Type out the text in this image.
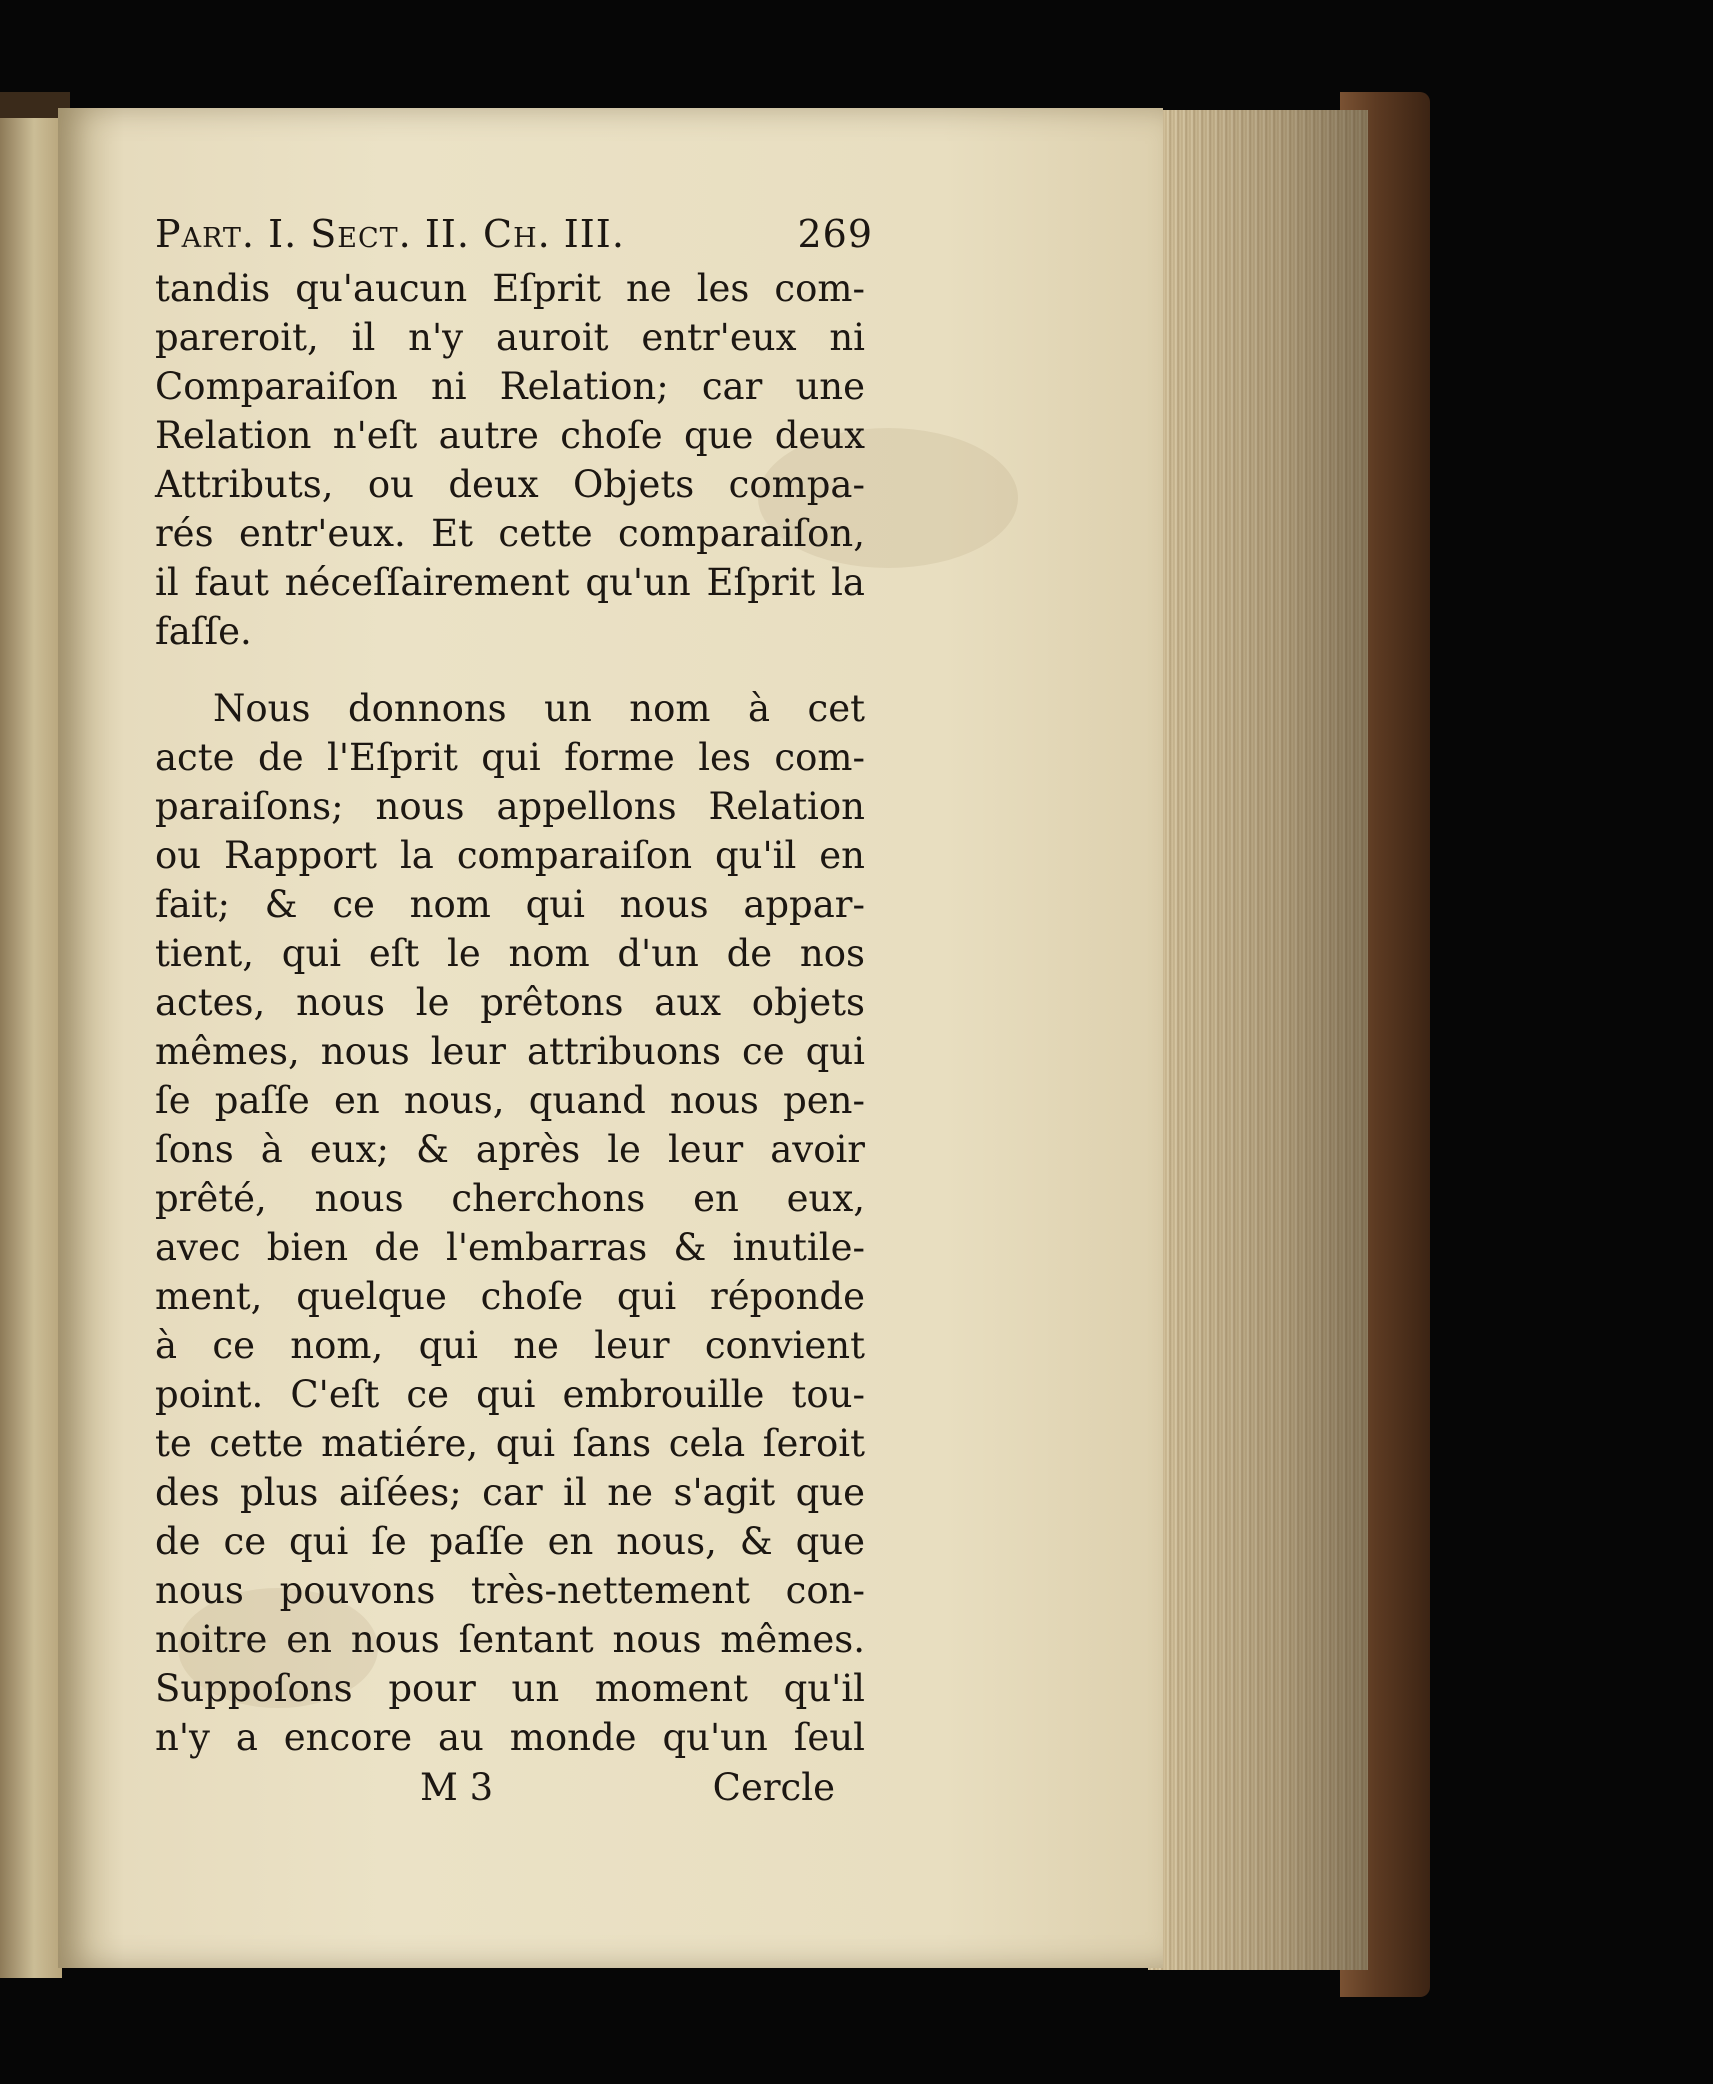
Part. I. Sect. II. Ch. III.	269
tandis qu'aucun Eſprit ne les com-
pareroit, il n'y auroit entr'eux ni
Comparaiſon ni Relation; car une
Relation n'eſt autre choſe que deux
Attributs, ou deux Objets compa-
rés entr'eux. Et cette comparaiſon,
il faut néceſſairement qu'un Eſprit la
faſſe.
Nous donnons un nom à cet
acte de l'Eſprit qui forme les com-
paraiſons; nous appellons Relation
ou Rapport la comparaiſon qu'il en
fait; & ce nom qui nous appar-
tient, qui eſt le nom d'un de nos
actes, nous le prêtons aux objets
mêmes, nous leur attribuons ce qui
ſe paſſe en nous, quand nous pen-
ſons à eux; & après le leur avoir
prêté, nous cherchons en eux,
avec bien de l'embarras & inutile-
ment, quelque choſe qui réponde
à ce nom, qui ne leur convient
point. C'eſt ce qui embrouille tou-
te cette matiére, qui ſans cela ſeroit
des plus aiſées; car il ne s'agit que
de ce qui ſe paſſe en nous, & que
nous pouvons très-nettement con-
noitre en nous ſentant nous mêmes.
Suppoſons pour un moment qu'il
n'y a encore au monde qu'un ſeul
M 3	Cercle
